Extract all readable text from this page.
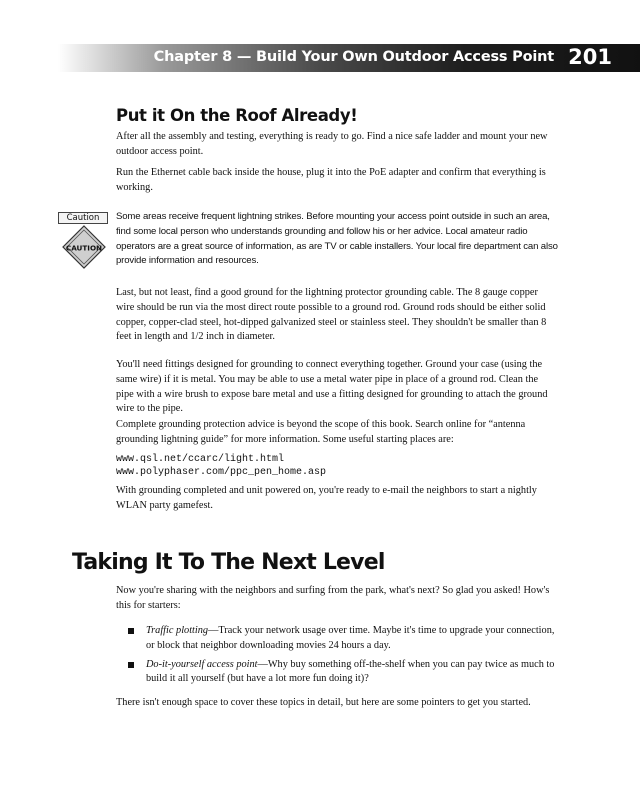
Chapter 8 — Build Your Own Outdoor Access Point 201
Put it On the Roof Already!

After all the assembly and testing, everything is ready to go. Find a nice safe ladder and mount your new outdoor access point.

Run the Ethernet cable back inside the house, plug it into the PoE adapter and confirm that everything is working.

Caution
CAUTION

Some areas receive frequent lightning strikes. Before mounting your access point outside in such an area, find some local person who understands grounding and follow his or her advice. Local amateur radio operators are a great source of information, as are TV or cable installers. Your local fire department can also provide information and resources.

Last, but not least, find a good ground for the lightning protector grounding cable. The 8 gauge copper wire should be run via the most direct route possible to a ground rod. Ground rods should be either solid copper, copper-clad steel, hot-dipped galvanized steel or stainless steel. They shouldn't be smaller than 8 feet in length and 1/2 inch in diameter.

You'll need fittings designed for grounding to connect everything together. Ground your case (using the same wire) if it is metal. You may be able to use a metal water pipe in place of a ground rod. Clean the pipe with a wire brush to expose bare metal and use a fitting designed for grounding to attach the ground wire to the pipe.

Complete grounding protection advice is beyond the scope of this book. Search online for “antenna grounding lightning guide” for more information. Some useful starting places are:

www.qsl.net/ccarc/light.html

www.polyphaser.com/ppc_pen_home.asp

With grounding completed and unit powered on, you're ready to e-mail the neighbors to start a nightly WLAN party gamefest.

Taking It To The Next Level

Now you're sharing with the neighbors and surfing from the park, what's next? So glad you asked! How's this for starters:

Traffic plotting—Track your network usage over time. Maybe it's time to upgrade your connection, or block that neighbor downloading movies 24 hours a day.
Do-it-yourself access point—Why buy something off-the-shelf when you can pay twice as much to build it all yourself (but have a lot more fun doing it)?

There isn't enough space to cover these topics in detail, but here are some pointers to get you started.
